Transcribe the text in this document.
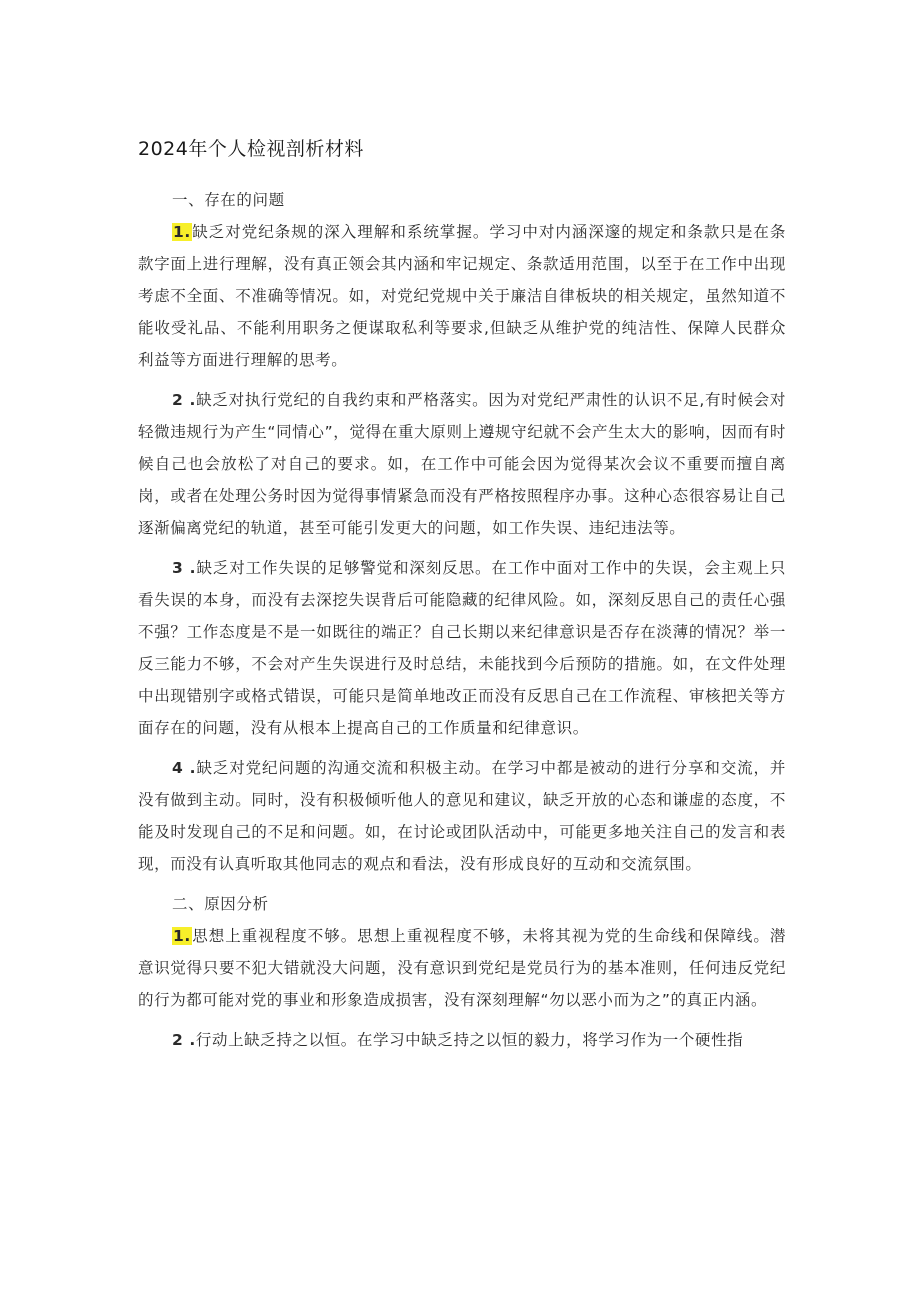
2024年个人检视剖析材料

一、存在的问题

1.缺乏对党纪条规的深入理解和系统掌握。学习中对内涵深邃的规定和条款只是在条款字面上进行理解，没有真正领会其内涵和牢记规定、条款适用范围，以至于在工作中出现考虑不全面、不准确等情况。如，对党纪党规中关于廉洁自律板块的相关规定，虽然知道不能收受礼品、不能利用职务之便谋取私利等要求,但缺乏从维护党的纯洁性、保障人民群众利益等方面进行理解的思考。

2 .缺乏对执行党纪的自我约束和严格落实。因为对党纪严肃性的认识不足,有时候会对轻微违规行为产生“同情心”，觉得在重大原则上遵规守纪就不会产生太大的影响，因而有时候自己也会放松了对自己的要求。如，在工作中可能会因为觉得某次会议不重要而擅自离岗，或者在处理公务时因为觉得事情紧急而没有严格按照程序办事。这种心态很容易让自己逐渐偏离党纪的轨道，甚至可能引发更大的问题，如工作失误、违纪违法等。

3 .缺乏对工作失误的足够警觉和深刻反思。在工作中面对工作中的失误，会主观上只看失误的本身，而没有去深挖失误背后可能隐藏的纪律风险。如，深刻反思自己的责任心强不强？工作态度是不是一如既往的端正？自己长期以来纪律意识是否存在淡薄的情况？举一反三能力不够，不会对产生失误进行及时总结，未能找到今后预防的措施。如，在文件处理中出现错别字或格式错误，可能只是简单地改正而没有反思自己在工作流程、审核把关等方面存在的问题，没有从根本上提高自己的工作质量和纪律意识。

4 .缺乏对党纪问题的沟通交流和积极主动。在学习中都是被动的进行分享和交流，并没有做到主动。同时，没有积极倾听他人的意见和建议，缺乏开放的心态和谦虚的态度，不能及时发现自己的不足和问题。如，在讨论或团队活动中，可能更多地关注自己的发言和表现，而没有认真听取其他同志的观点和看法，没有形成良好的互动和交流氛围。

二、原因分析

1.思想上重视程度不够。思想上重视程度不够，未将其视为党的生命线和保障线。潜意识觉得只要不犯大错就没大问题，没有意识到党纪是党员行为的基本准则，任何违反党纪的行为都可能对党的事业和形象造成损害，没有深刻理解“勿以恶小而为之”的真正内涵。

2 .行动上缺乏持之以恒。在学习中缺乏持之以恒的毅力，将学习作为一个硬性指
